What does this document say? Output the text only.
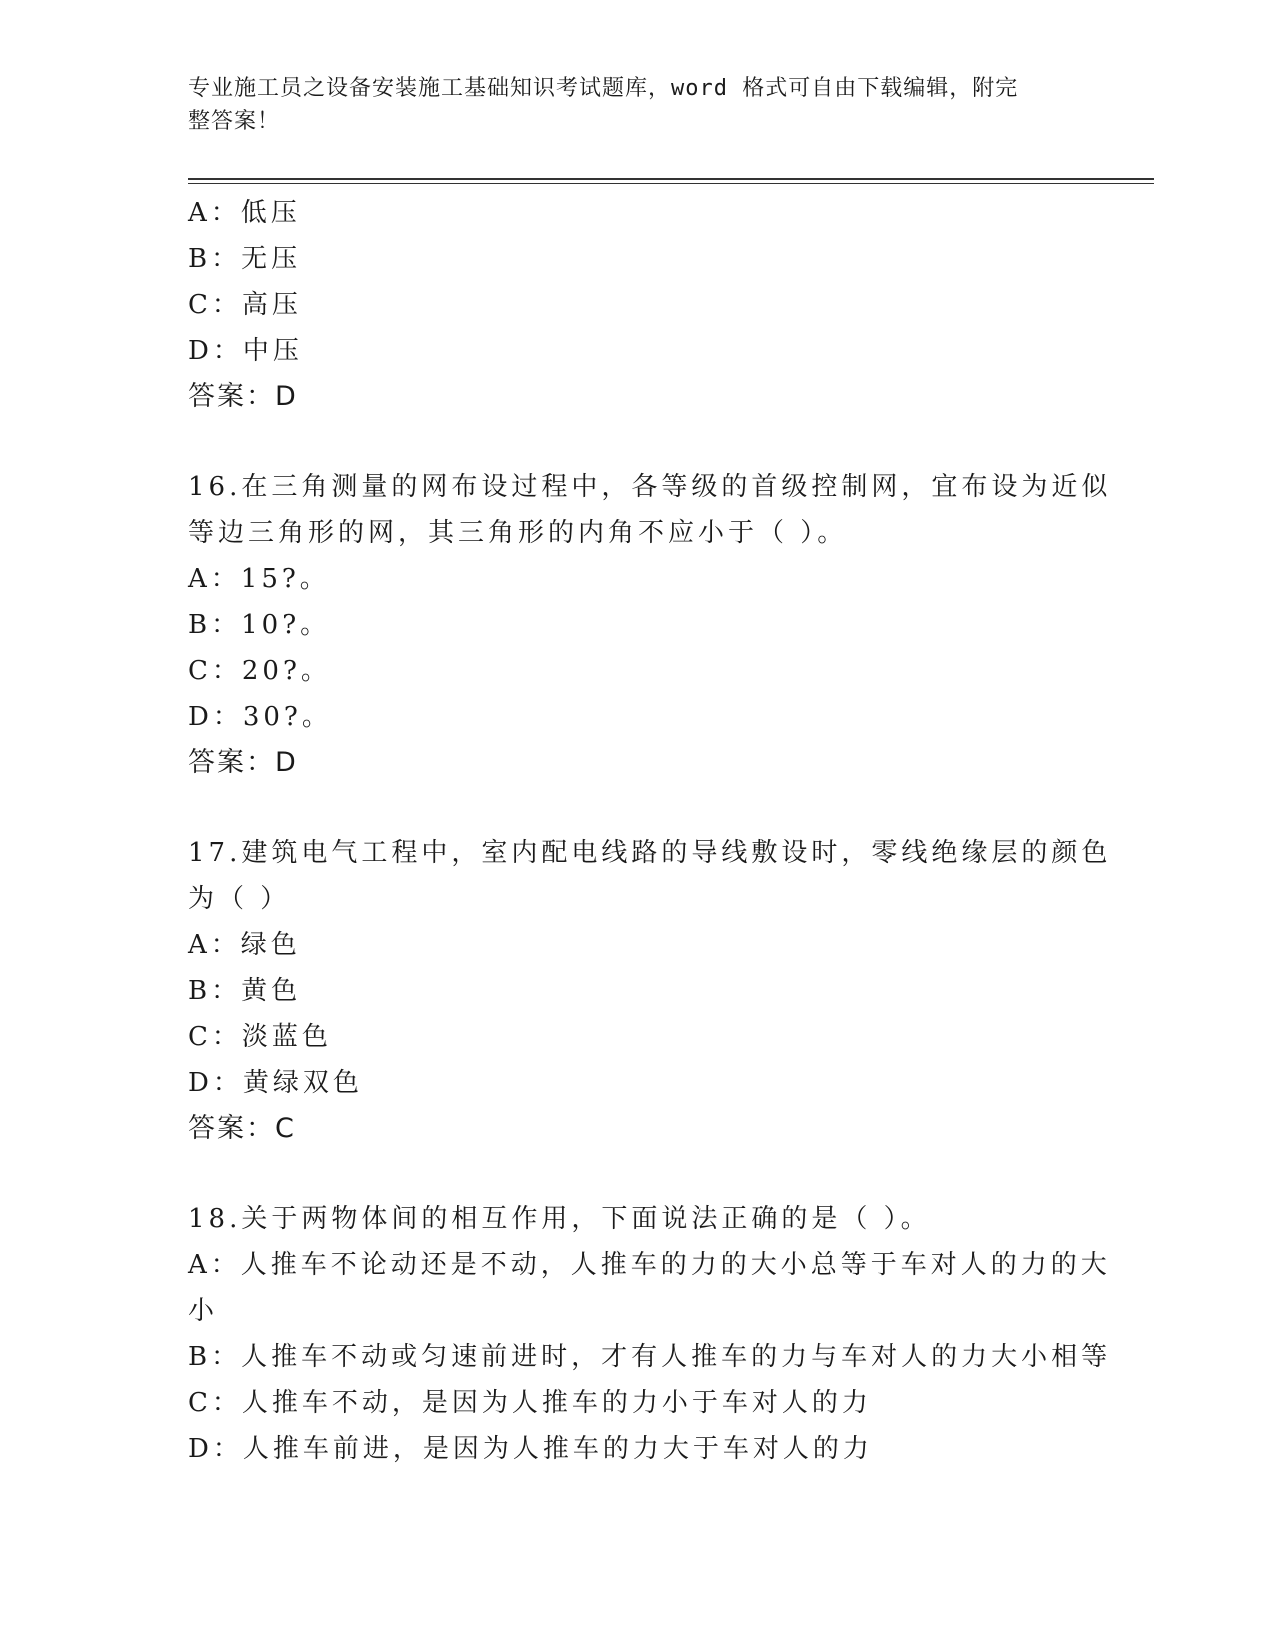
专业施工员之设备安装施工基础知识考试题库，word 格式可自由下载编辑，附完
整答案！
A：低压
B：无压
C：高压
D：中压
答案：D
16.在三角测量的网布设过程中，各等级的首级控制网，宜布设为近似
等边三角形的网，其三角形的内角不应小于（ ）。
A：15?。
B：10?。
C：20?。
D：30?。
答案：D
17.建筑电气工程中，室内配电线路的导线敷设时，零线绝缘层的颜色
为（ ）
A：绿色
B：黄色
C：淡蓝色
D：黄绿双色
答案：C
18.关于两物体间的相互作用，下面说法正确的是（ ）。
A：人推车不论动还是不动，人推车的力的大小总等于车对人的力的大
小
B：人推车不动或匀速前进时，才有人推车的力与车对人的力大小相等
C：人推车不动，是因为人推车的力小于车对人的力
D：人推车前进，是因为人推车的力大于车对人的力
